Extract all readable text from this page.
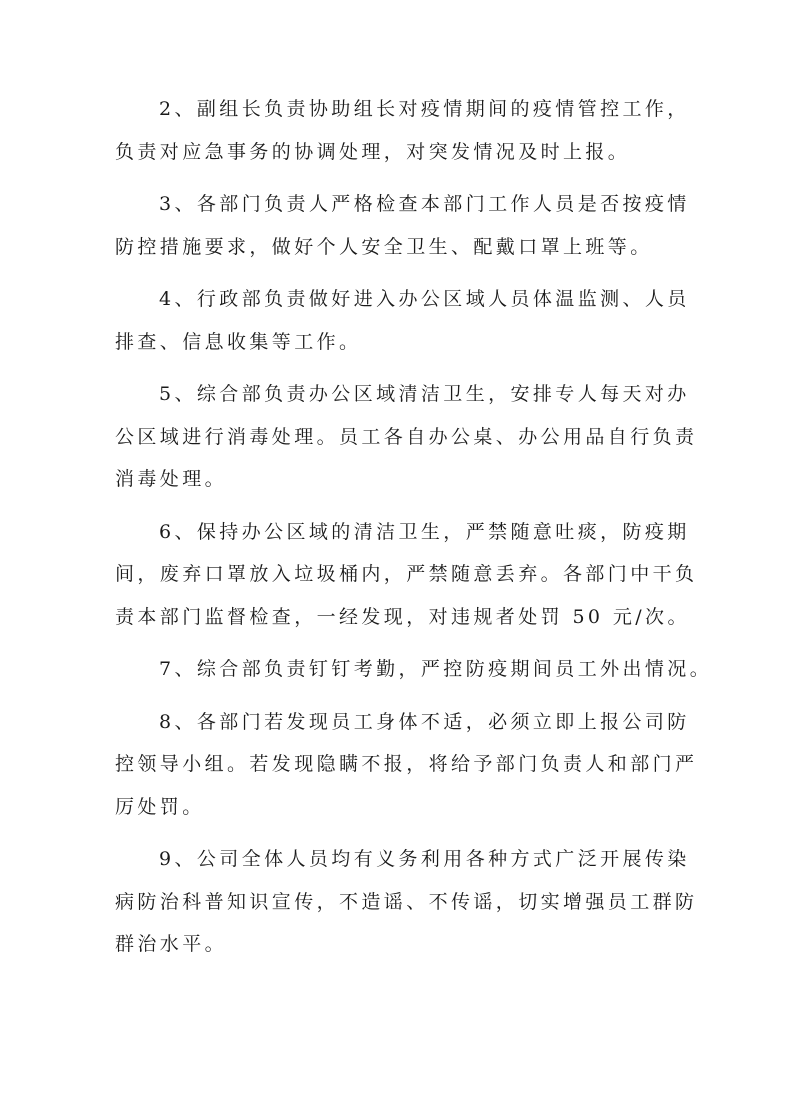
2、副组长负责协助组长对疫情期间的疫情管控工作，
负责对应急事务的协调处理，对突发情况及时上报。

3、各部门负责人严格检查本部门工作人员是否按疫情
防控措施要求，做好个人安全卫生、配戴口罩上班等。

4、行政部负责做好进入办公区域人员体温监测、人员
排查、信息收集等工作。

5、综合部负责办公区域清洁卫生，安排专人每天对办
公区域进行消毒处理。员工各自办公桌、办公用品自行负责
消毒处理。

6、保持办公区域的清洁卫生，严禁随意吐痰，防疫期
间，废弃口罩放入垃圾桶内，严禁随意丢弃。各部门中干负
责本部门监督检查，一经发现，对违规者处罚 50 元/次。

7、综合部负责钉钉考勤，严控防疫期间员工外出情况。

8、各部门若发现员工身体不适，必须立即上报公司防
控领导小组。若发现隐瞒不报，将给予部门负责人和部门严
厉处罚。

9、公司全体人员均有义务利用各种方式广泛开展传染
病防治科普知识宣传，不造谣、不传谣，切实增强员工群防
群治水平。
